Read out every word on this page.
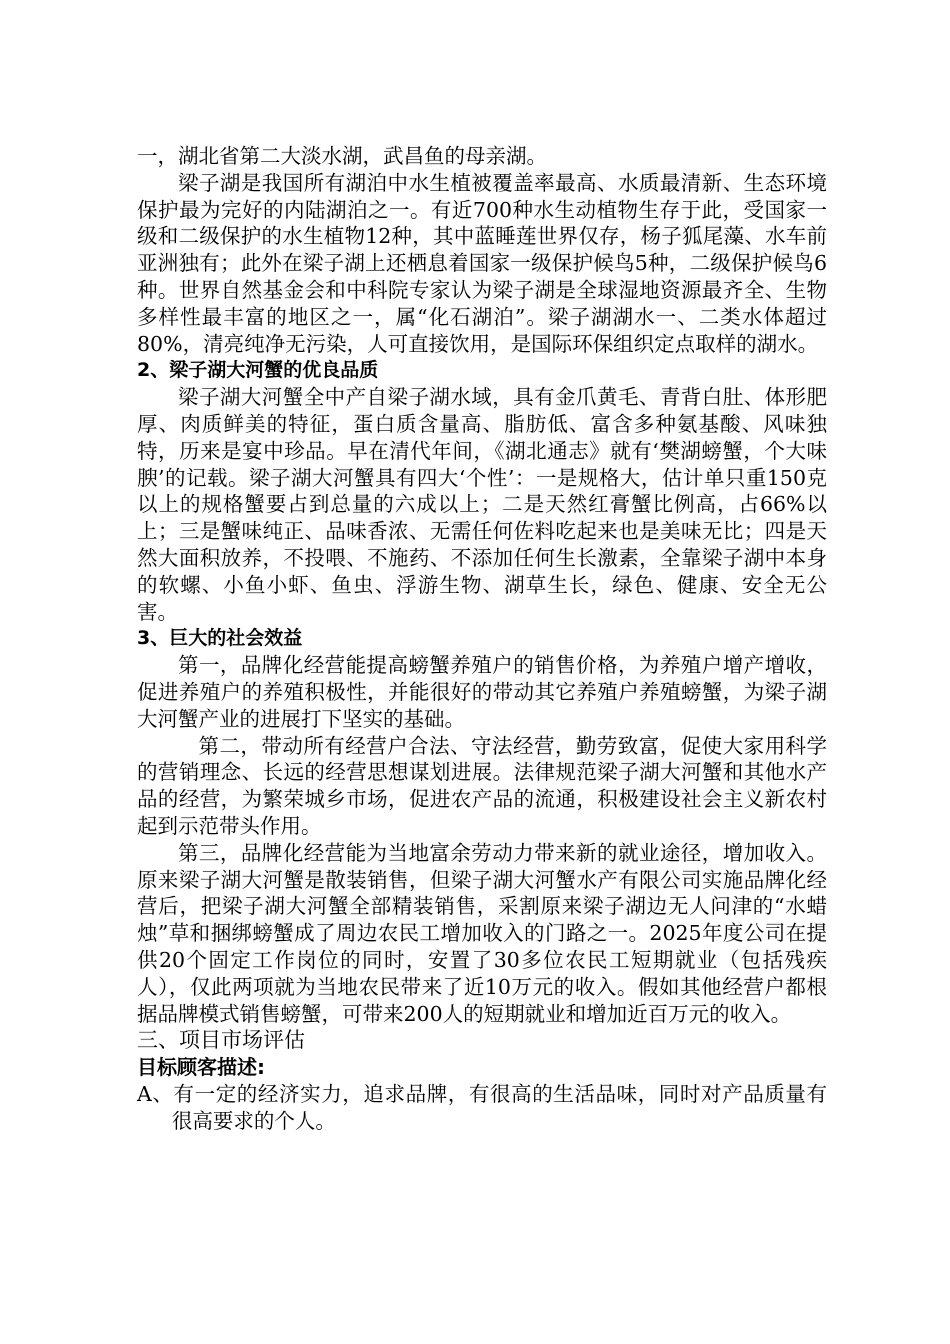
一，湖北省第二大淡水湖，武昌鱼的母亲湖。

梁子湖是我国所有湖泊中水生植被覆盖率最高、水质最清新、生态环境保护最为完好的内陆湖泊之一。有近700种水生动植物生存于此，受国家一级和二级保护的水生植物12种，其中蓝睡莲世界仅存，杨子狐尾藻、水车前亚洲独有；此外在梁子湖上还栖息着国家一级保护候鸟5种，二级保护候鸟6种。世界自然基金会和中科院专家认为梁子湖是全球湿地资源最齐全、生物多样性最丰富的地区之一，属“化石湖泊”。梁子湖湖水一、二类水体超过80%，清亮纯净无污染，人可直接饮用，是国际环保组织定点取样的湖水。

2、梁子湖大河蟹的优良品质

梁子湖大河蟹全中产自梁子湖水域，具有金爪黄毛、青背白肚、体形肥厚、肉质鲜美的特征，蛋白质含量高、脂肪低、富含多种氨基酸、风味独特，历来是宴中珍品。早在清代年间，《湖北通志》就有‘樊湖螃蟹，个大味腴’的记载。梁子湖大河蟹具有四大‘个性’：一是规格大，估计单只重150克以上的规格蟹要占到总量的六成以上；二是天然红膏蟹比例高，占66%以上；三是蟹味纯正、品味香浓、无需任何佐料吃起来也是美味无比；四是天然大面积放养，不投喂、不施药、不添加任何生长激素，全靠梁子湖中本身的软螺、小鱼小虾、鱼虫、浮游生物、湖草生长，绿色、健康、安全无公害。

3、巨大的社会效益

第一，品牌化经营能提高螃蟹养殖户的销售价格，为养殖户增产增收，促进养殖户的养殖积极性，并能很好的带动其它养殖户养殖螃蟹，为梁子湖大河蟹产业的进展打下坚实的基础。

第二，带动所有经营户合法、守法经营，勤劳致富，促使大家用科学的营销理念、长远的经营思想谋划进展。法律规范梁子湖大河蟹和其他水产品的经营，为繁荣城乡市场，促进农产品的流通，积极建设社会主义新农村起到示范带头作用。

第三，品牌化经营能为当地富余劳动力带来新的就业途径，增加收入。原来梁子湖大河蟹是散装销售，但梁子湖大河蟹水产有限公司实施品牌化经营后，把梁子湖大河蟹全部精装销售，采割原来梁子湖边无人问津的“水蜡烛”草和捆绑螃蟹成了周边农民工增加收入的门路之一。2025年度公司在提供20个固定工作岗位的同时，安置了30多位农民工短期就业（包括残疾人），仅此两项就为当地农民带来了近10万元的收入。假如其他经营户都根据品牌模式销售螃蟹，可带来200人的短期就业和增加近百万元的收入。

三、项目市场评估

目标顾客描述:

A、有一定的经济实力，追求品牌，有很高的生活品味，同时对产品质量有很高要求的个人。
